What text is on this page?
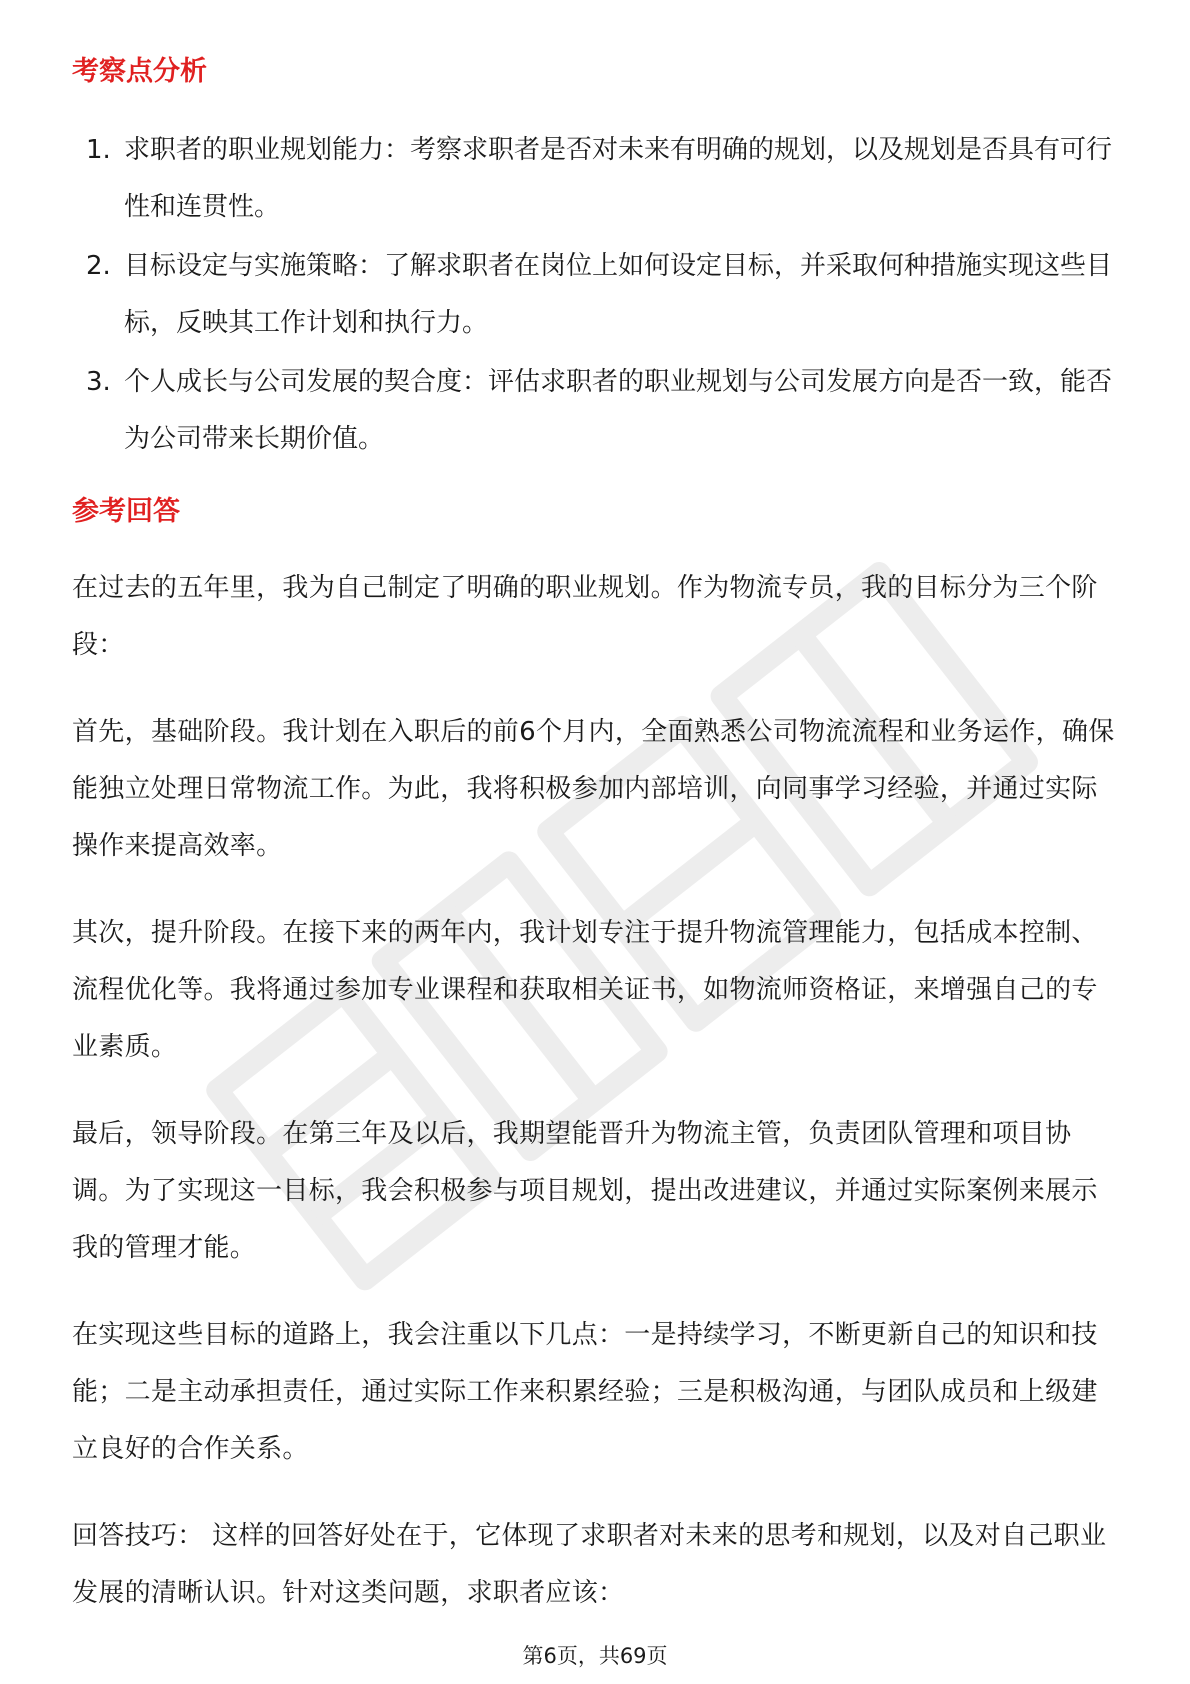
考察点分析
1. 求职者的职业规划能力：考察求职者是否对未来有明确的规划，以及规划是否具有可行性和连贯性。
2. 目标设定与实施策略：了解求职者在岗位上如何设定目标，并采取何种措施实现这些目标，反映其工作计划和执行力。
3. 个人成长与公司发展的契合度：评估求职者的职业规划与公司发展方向是否一致，能否为公司带来长期价值。
参考回答

在过去的五年里，我为自己制定了明确的职业规划。作为物流专员，我的目标分为三个阶段：

首先，基础阶段。我计划在入职后的前6个月内，全面熟悉公司物流流程和业务运作，确保能独立处理日常物流工作。为此，我将积极参加内部培训，向同事学习经验，并通过实际操作来提高效率。

其次，提升阶段。在接下来的两年内，我计划专注于提升物流管理能力，包括成本控制、流程优化等。我将通过参加专业课程和获取相关证书，如物流师资格证，来增强自己的专业素质。

最后，领导阶段。在第三年及以后，我期望能晋升为物流主管，负责团队管理和项目协调。为了实现这一目标，我会积极参与项目规划，提出改进建议，并通过实际案例来展示我的管理才能。

在实现这些目标的道路上，我会注重以下几点：一是持续学习，不断更新自己的知识和技能；二是主动承担责任，通过实际工作来积累经验；三是积极沟通，与团队成员和上级建立良好的合作关系。

回答技巧： 这样的回答好处在于，它体现了求职者对未来的思考和规划，以及对自己职业发展的清晰认识。针对这类问题，求职者应该：

第6页，共69页
